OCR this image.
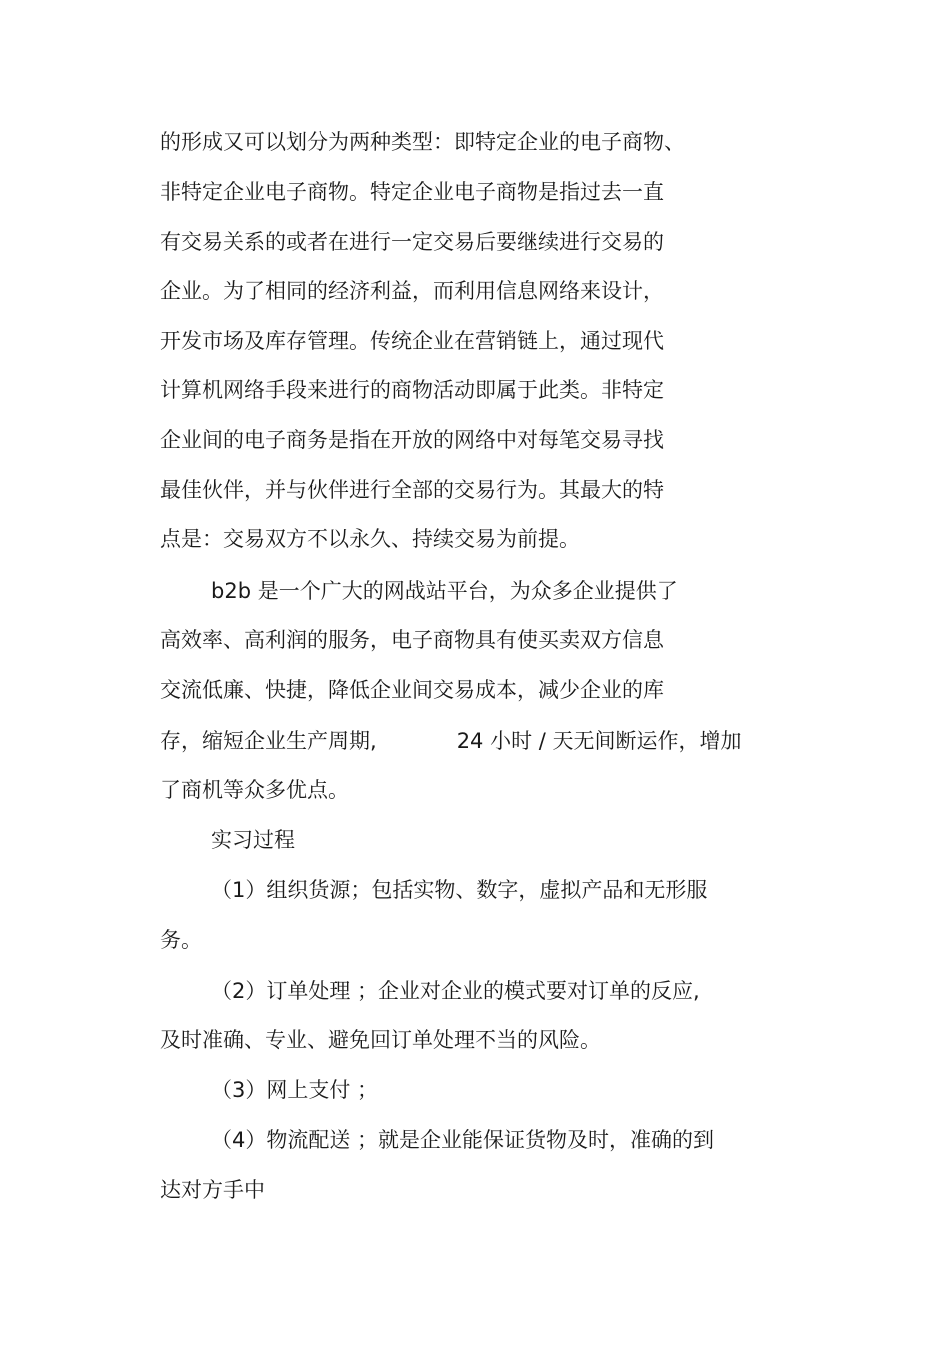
的形成又可以划分为两种类型：即特定企业的电子商物、
非特定企业电子商物。特定企业电子商物是指过去一直
有交易关系的或者在进行一定交易后要继续进行交易的
企业。为了相同的经济利益，而利用信息网络来设计，
开发市场及库存管理。传统企业在营销链上，通过现代
计算机网络手段来进行的商物活动即属于此类。非特定
企业间的电子商务是指在开放的网络中对每笔交易寻找
最佳伙伴，并与伙伴进行全部的交易行为。其最大的特
点是：交易双方不以永久、持续交易为前提。
b2b 是一个广大的网战站平台，为众多企业提供了
高效率、高利润的服务，电子商物具有使买卖双方信息
交流低廉、快捷，降低企业间交易成本，减少企业的库
存，缩短企业生产周期,	24 小时 / 天无间断运作，增加
了商机等众多优点。
实习过程
（1）组织货源；包括实物、数字，虚拟产品和无形服
务。
（2）订单处理 ；企业对企业的模式要对订单的反应,
及时准确、专业、避免回订单处理不当的风险。
（3）网上支付 ；
（4）物流配送 ；就是企业能保证货物及时，准确的到
达对方手中
